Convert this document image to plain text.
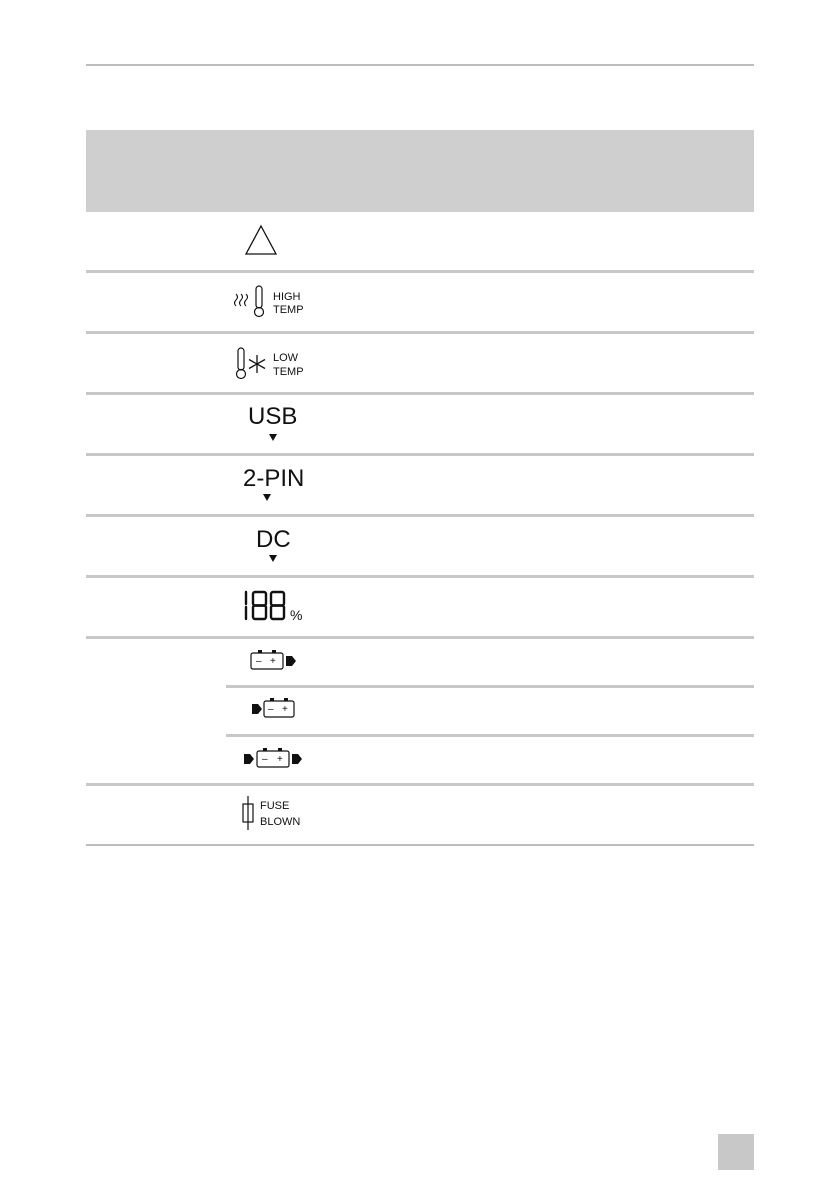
HIGH
TEMP
LOW
TEMP
USB
2-PIN
DC
%
– +
– +
– +
FUSE
BLOWN
